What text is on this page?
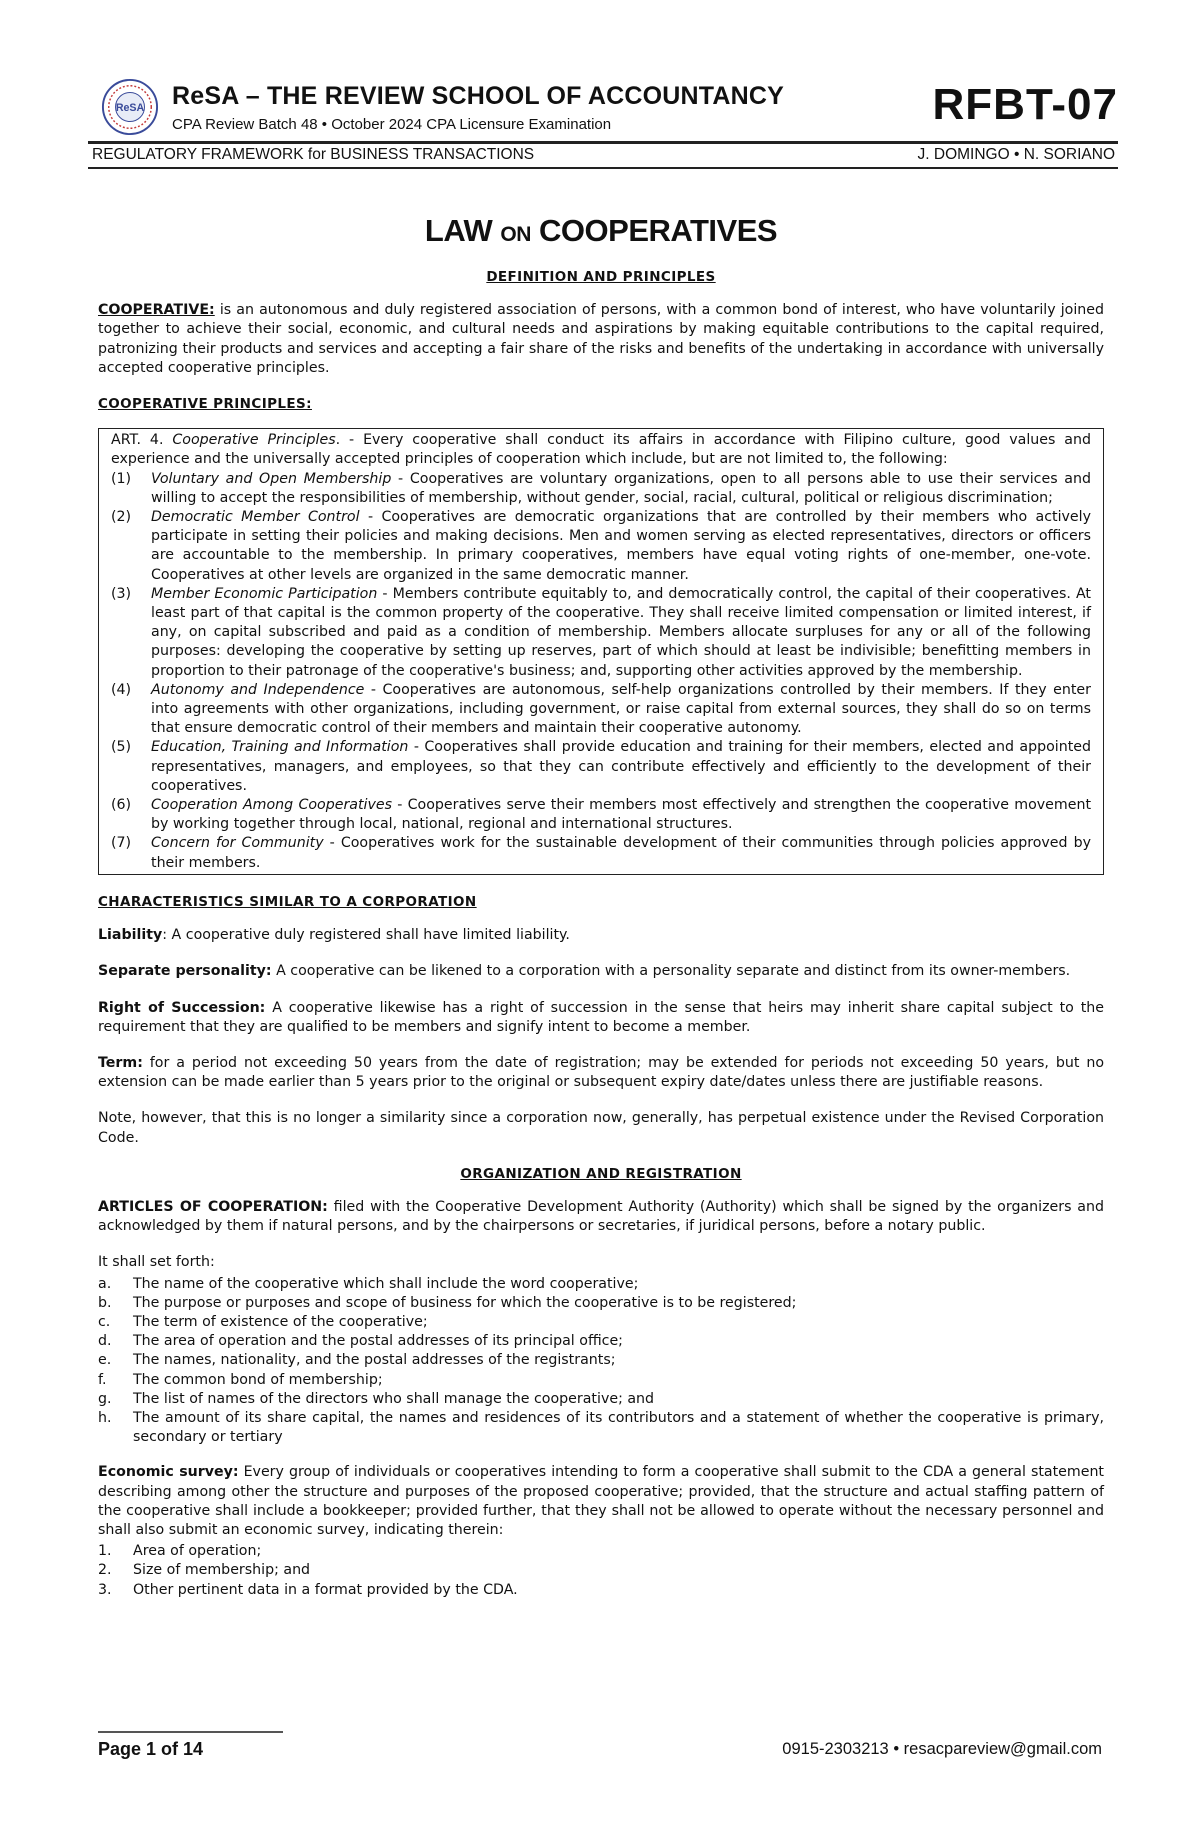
ReSA ReSA – THE REVIEW SCHOOL OF ACCOUNTANCY
CPA Review Batch 48 • October 2024 CPA Licensure Examination	RFBT-07
REGULATORY FRAMEWORK for BUSINESS TRANSACTIONS	J. DOMINGO • N. SORIANO
LAW ON COOPERATIVES
DEFINITION AND PRINCIPLES

COOPERATIVE: is an autonomous and duly registered association of persons, with a common bond of interest, who have voluntarily joined together to achieve their social, economic, and cultural needs and aspirations by making equitable contributions to the capital required, patronizing their products and services and accepting a fair share of the risks and benefits of the undertaking in accordance with universally accepted cooperative principles.

COOPERATIVE PRINCIPLES:

ART. 4. Cooperative Principles. - Every cooperative shall conduct its affairs in accordance with Filipino culture, good values and experience and the universally accepted principles of cooperation which include, but are not limited to, the following:

(1)	Voluntary and Open Membership - Cooperatives are voluntary organizations, open to all persons able to use their services and willing to accept the responsibilities of membership, without gender, social, racial, cultural, political or religious discrimination;
(2)	Democratic Member Control - Cooperatives are democratic organizations that are controlled by their members who actively participate in setting their policies and making decisions. Men and women serving as elected representatives, directors or officers are accountable to the membership. In primary cooperatives, members have equal voting rights of one-member, one-vote. Cooperatives at other levels are organized in the same democratic manner.
(3)	Member Economic Participation - Members contribute equitably to, and democratically control, the capital of their cooperatives. At least part of that capital is the common property of the cooperative. They shall receive limited compensation or limited interest, if any, on capital subscribed and paid as a condition of membership. Members allocate surpluses for any or all of the following purposes: developing the cooperative by setting up reserves, part of which should at least be indivisible; benefitting members in proportion to their patronage of the cooperative's business; and, supporting other activities approved by the membership.
(4)	Autonomy and Independence - Cooperatives are autonomous, self-help organizations controlled by their members. If they enter into agreements with other organizations, including government, or raise capital from external sources, they shall do so on terms that ensure democratic control of their members and maintain their cooperative autonomy.
(5)	Education, Training and Information - Cooperatives shall provide education and training for their members, elected and appointed representatives, managers, and employees, so that they can contribute effectively and efficiently to the development of their cooperatives.
(6)	Cooperation Among Cooperatives - Cooperatives serve their members most effectively and strengthen the cooperative movement by working together through local, national, regional and international structures.
(7)	Concern for Community - Cooperatives work for the sustainable development of their communities through policies approved by their members.
CHARACTERISTICS SIMILAR TO A CORPORATION

Liability: A cooperative duly registered shall have limited liability.

Separate personality: A cooperative can be likened to a corporation with a personality separate and distinct from its owner-members.

Right of Succession: A cooperative likewise has a right of succession in the sense that heirs may inherit share capital subject to the requirement that they are qualified to be members and signify intent to become a member.

Term: for a period not exceeding 50 years from the date of registration; may be extended for periods not exceeding 50 years, but no extension can be made earlier than 5 years prior to the original or subsequent expiry date/dates unless there are justifiable reasons.

Note, however, that this is no longer a similarity since a corporation now, generally, has perpetual existence under the Revised Corporation Code.

ORGANIZATION AND REGISTRATION

ARTICLES OF COOPERATION: filed with the Cooperative Development Authority (Authority) which shall be signed by the organizers and acknowledged by them if natural persons, and by the chairpersons or secretaries, if juridical persons, before a notary public.

It shall set forth:

a.	The name of the cooperative which shall include the word cooperative;
b.	The purpose or purposes and scope of business for which the cooperative is to be registered;
c.	The term of existence of the cooperative;
d.	The area of operation and the postal addresses of its principal office;
e.	The names, nationality, and the postal addresses of the registrants;
f.	The common bond of membership;
g.	The list of names of the directors who shall manage the cooperative; and
h.	The amount of its share capital, the names and residences of its contributors and a statement of whether the cooperative is primary, secondary or tertiary

Economic survey: Every group of individuals or cooperatives intending to form a cooperative shall submit to the CDA a general statement describing among other the structure and purposes of the proposed cooperative; provided, that the structure and actual staffing pattern of the cooperative shall include a bookkeeper; provided further, that they shall not be allowed to operate without the necessary personnel and shall also submit an economic survey, indicating therein:

1.	Area of operation;
2.	Size of membership; and
3.	Other pertinent data in a format provided by the CDA.
Page 1 of 14	0915-2303213 • resacpareview@gmail.com
